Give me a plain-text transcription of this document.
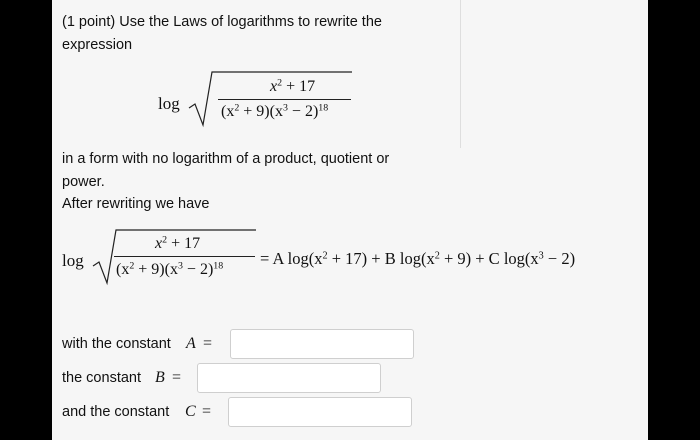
(1 point) Use the Laws of logarithms to rewrite the
expression
log
$x^2 + 17$
$(x^2 + 9)(x^3 - 2)^{18}$
in a form with no logarithm of a product, quotient or
power.
After rewriting we have
log
$x^2 + 17$
$(x^2 + 9)(x^3 - 2)^{18} = A$ $\log(x^2 + 17) + B$ $\log(x^2 + 9) + C$ $\log(x^3 - 2)$
with the constant A =
the constant B =
and the constant C =
